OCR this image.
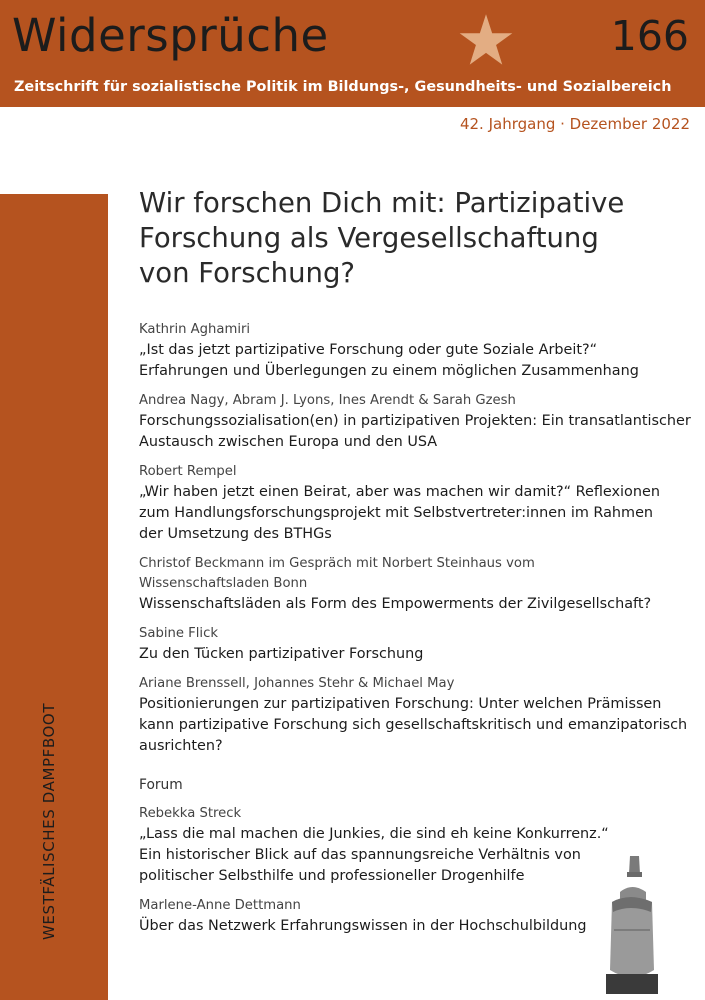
Widersprüche	166
Zeitschrift für sozialistische Politik im Bildungs-, Gesundheits- und Sozialbereich
42. Jahrgang · Dezember 2022
WESTFÄLISCHES DAMPFBOOT
Wir forschen Dich mit: Partizipative
Forschung als Vergesellschaftung
von Forschung?
Kathrin Aghamiri
„Ist das jetzt partizipative Forschung oder gute Soziale Arbeit?“
Erfahrungen und Überlegungen zu einem möglichen Zusammenhang
Andrea Nagy, Abram J. Lyons, Ines Arendt & Sarah Gzesh
Forschungssozialisation(en) in partizipativen Projekten: Ein transatlantischer
Austausch zwischen Europa und den USA
Robert Rempel
„Wir haben jetzt einen Beirat, aber was machen wir damit?“ Reflexionen
zum Handlungsforschungsprojekt mit Selbstvertreter:innen im Rahmen
der Umsetzung des BTHGs
Christof Beckmann im Gespräch mit Norbert Steinhaus vom
Wissenschaftsladen Bonn
Wissenschaftsläden als Form des Empowerments der Zivilgesellschaft?
Sabine Flick
Zu den Tücken partizipativer Forschung
Ariane Brenssell, Johannes Stehr & Michael May
Positionierungen zur partizipativen Forschung: Unter welchen Prämissen
kann partizipative Forschung sich gesellschaftskritisch und emanzipatorisch
ausrichten?
Forum
Rebekka Streck
„Lass die mal machen die Junkies, die sind eh keine Konkurrenz.“
Ein historischer Blick auf das spannungsreiche Verhältnis von
politischer Selbsthilfe und professioneller Drogenhilfe
Marlene-Anne Dettmann
Über das Netzwerk Erfahrungswissen in der Hochschulbildung
